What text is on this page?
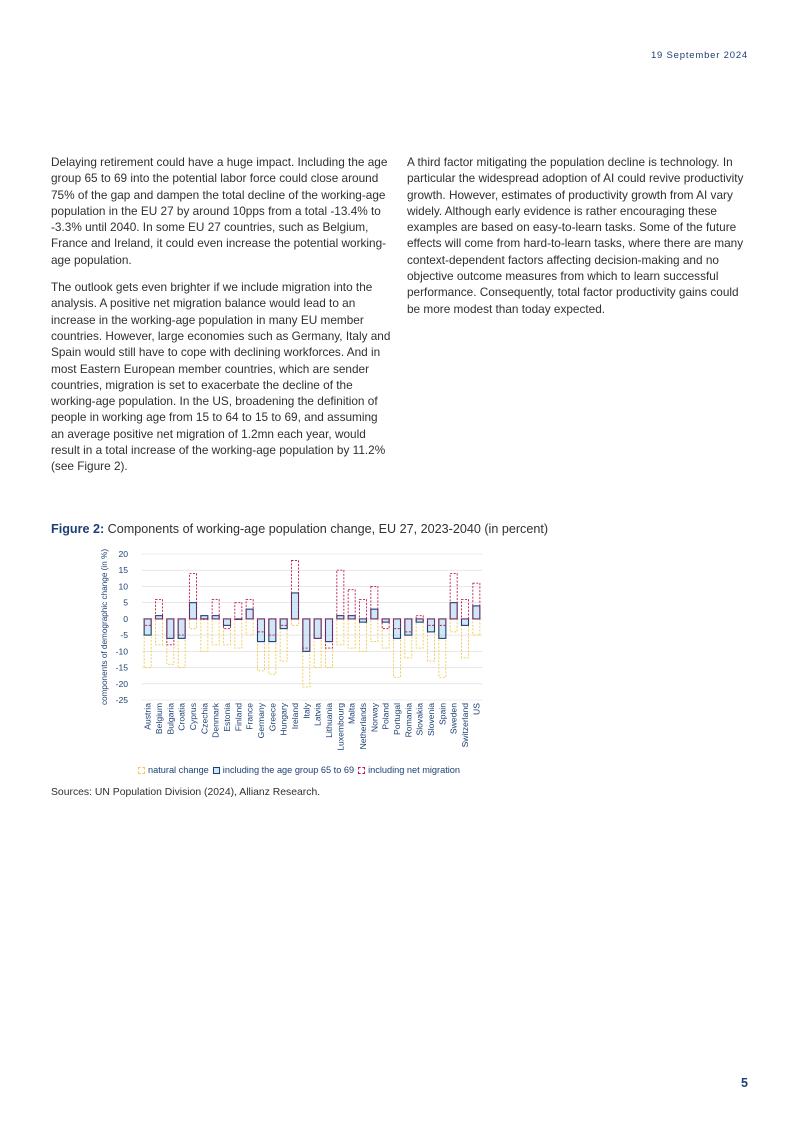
19 September 2024

Delaying retirement could have a huge impact. Including the age group 65 to 69 into the potential labor force could close around 75% of the gap and dampen the total decline of the working-age population in the EU 27 by around 10pps from a total -13.4% to -3.3% until 2040. In some EU 27 countries, such as Belgium, France and Ireland, it could even increase the potential working-age population.

The outlook gets even brighter if we include migration into the analysis. A positive net migration balance would lead to an increase in the working-age population in many EU member countries. However, large economies such as Germany, Italy and Spain would still have to cope with declining workforces. And in most Eastern European member countries, which are sender countries, migration is set to exacerbate the decline of the working-age population. In the US, broadening the definition of people in working age from 15 to 64 to 15 to 69, and assuming an average positive net migration of 1.2mn each year, would result in a total increase of the working-age population by 11.2% (see Figure 2).

A third factor mitigating the population decline is technology. In particular the widespread adoption of AI could revive productivity growth. However, estimates of productivity growth from AI vary widely. Although early evidence is rather encouraging these examples are based on easy-to-learn tasks. Some of the future effects will come from hard-to-learn tasks, where there are many context-dependent factors affecting decision-making and no objective outcome measures from which to learn successful performance. Consequently, total factor productivity gains could be more modest than today expected.

Figure 2: Components of working-age population change, EU 27, 2023-2040 (in percent)
20
15
10
5
0
-5
-10
-15
-20
-25
components of demographic change (in %)
Austria Belgium Bulgaria Croatia Cyprus Czechia Denmark Estonia Finland France Germany Greece Hungary Ireland Italy Latvia Lithuania Luxembourg Malta Netherlands Norway Poland Portugal Romania Slovakia Slovenia Spain Sweden Switzerland US
natural change including the age group 65 to 69 including net migration
Sources: UN Population Division (2024), Allianz Research.
5
